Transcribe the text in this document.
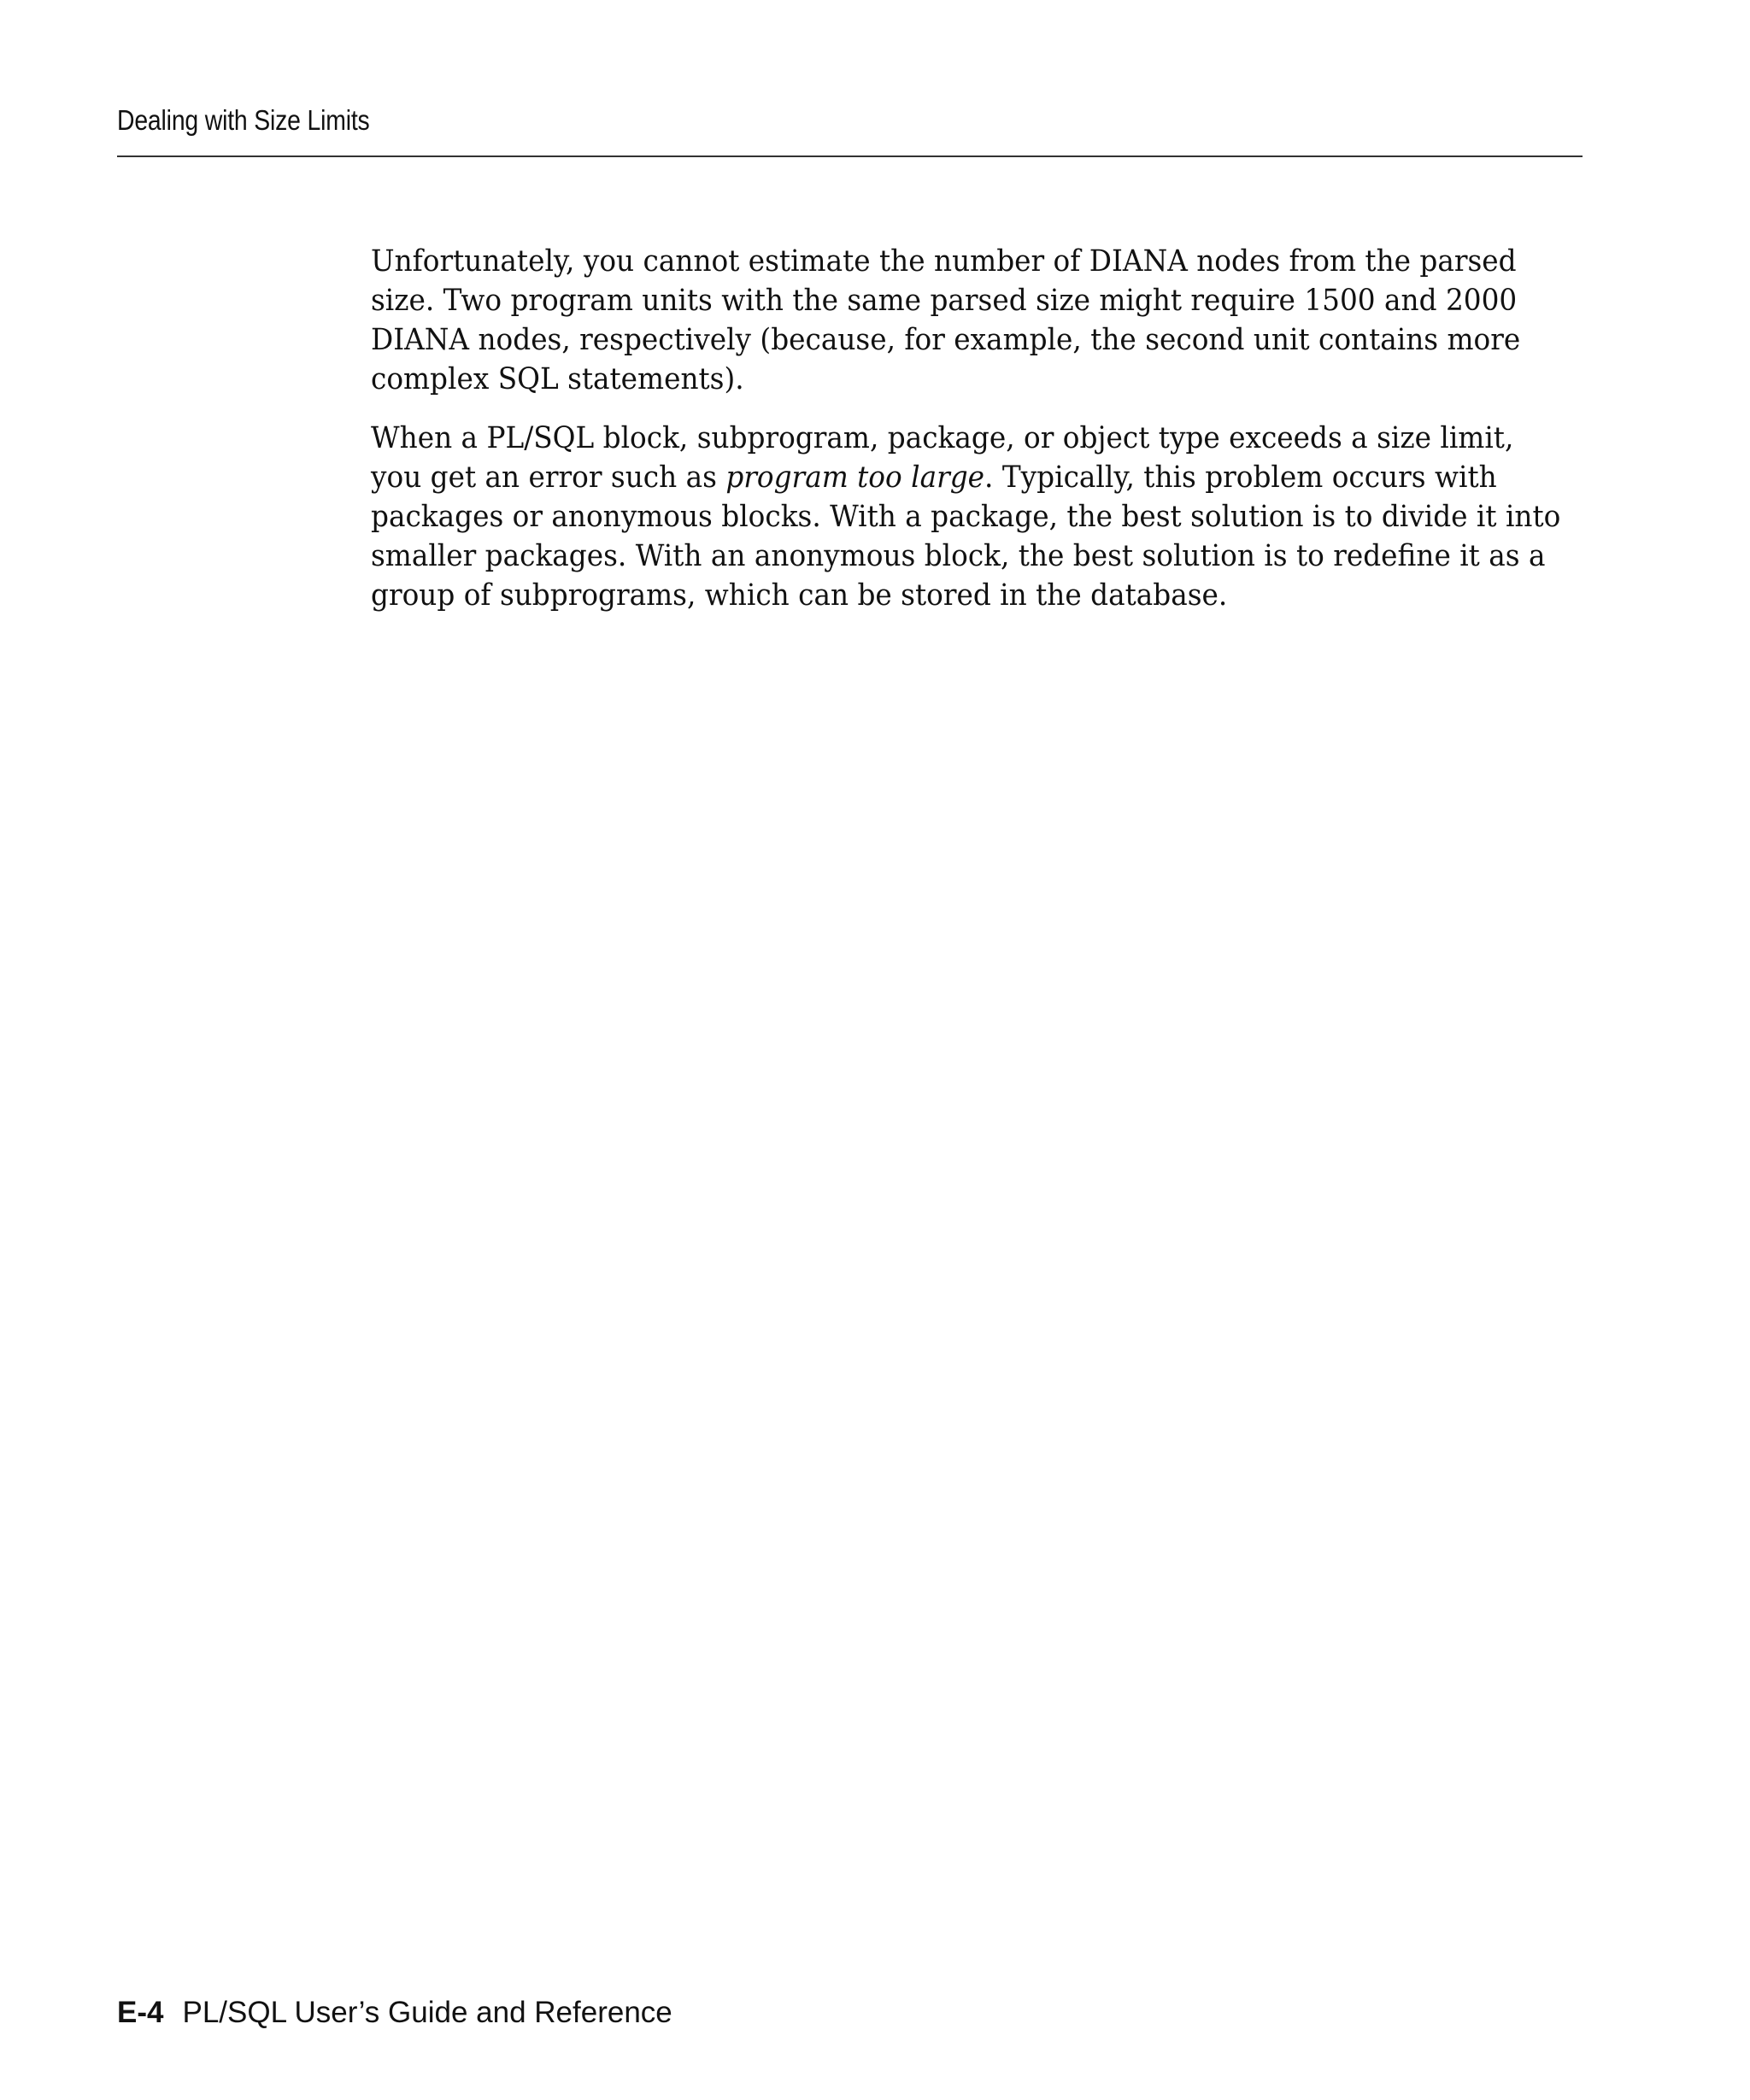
Dealing with Size Limits

Unfortunately, you cannot estimate the number of DIANA nodes from the parsed
size. Two program units with the same parsed size might require 1500 and 2000
DIANA nodes, respectively (because, for example, the second unit contains more
complex SQL statements).

When a PL/SQL block, subprogram, package, or object type exceeds a size limit,
you get an error such as program too large. Typically, this problem occurs with
packages or anonymous blocks. With a package, the best solution is to divide it into
smaller packages. With an anonymous block, the best solution is to redefine it as a
group of subprograms, which can be stored in the database.

E-4 PL/SQL User’s Guide and Reference
